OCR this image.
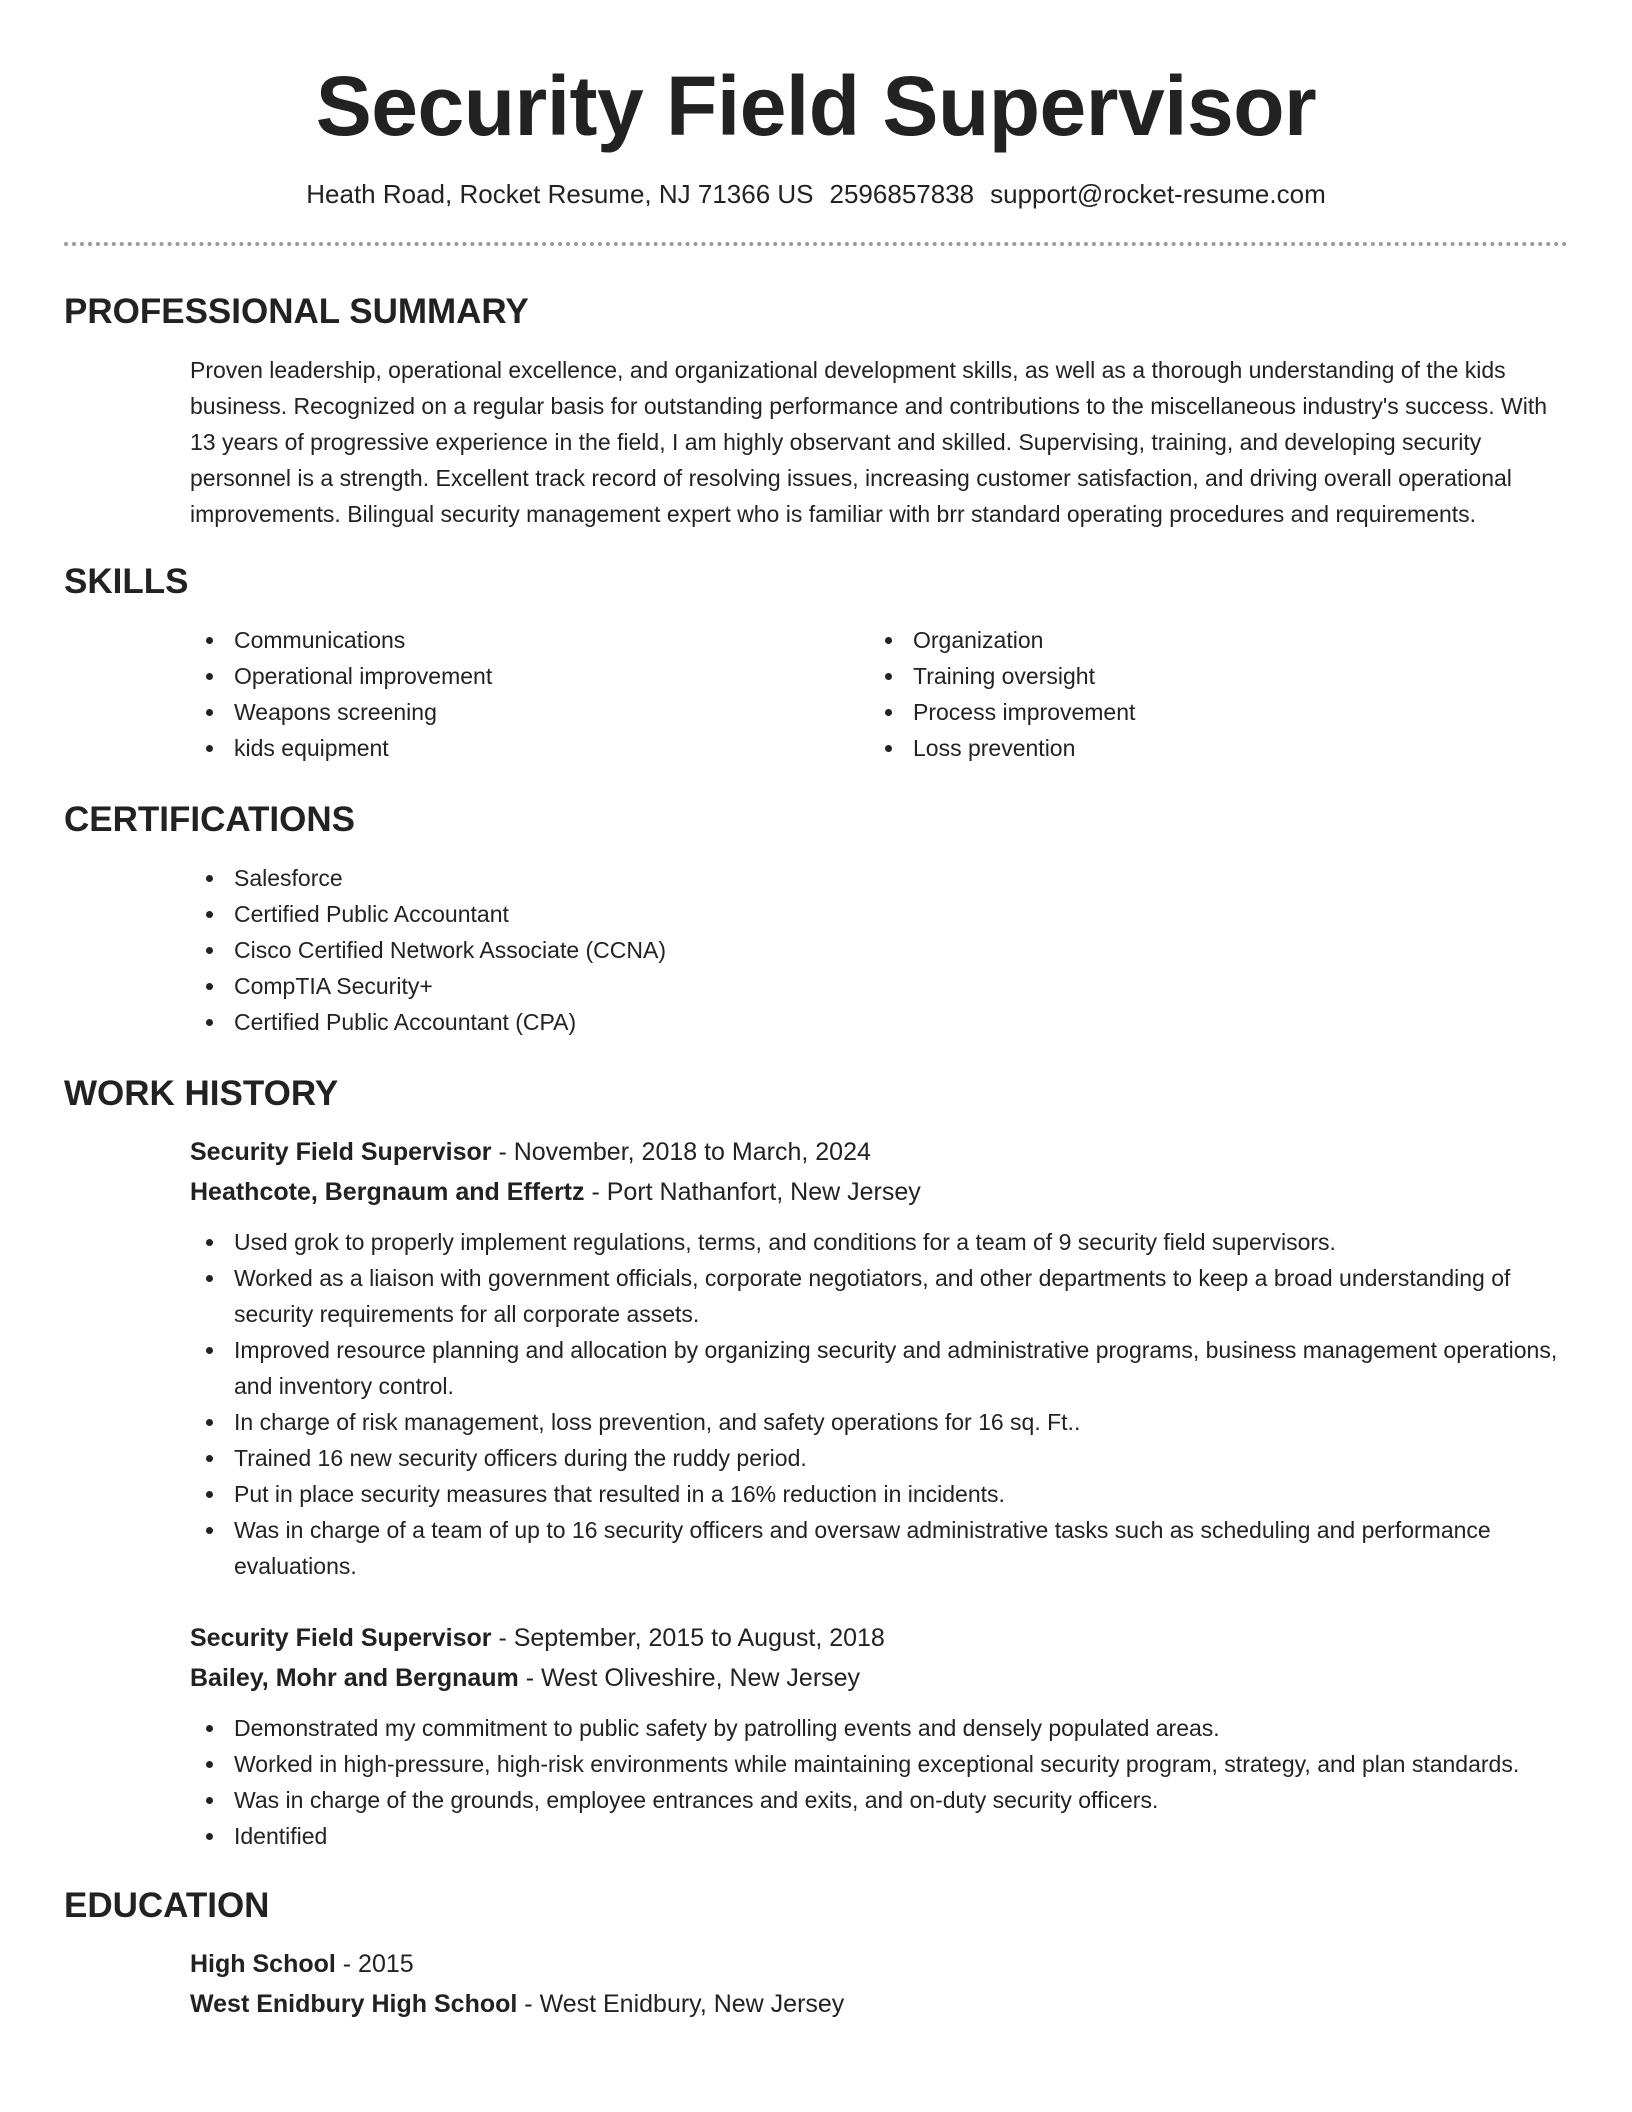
Security Field Supervisor
Heath Road, Rocket Resume, NJ 71366 US 2596857838 support@rocket-resume.com
PROFESSIONAL SUMMARY

Proven leadership, operational excellence, and organizational development skills, as well as a thorough understanding of the kids business. Recognized on a regular basis for outstanding performance and contributions to the miscellaneous industry's success. With 13 years of progressive experience in the field, I am highly observant and skilled. Supervising, training, and developing security personnel is a strength. Excellent track record of resolving issues, increasing customer satisfaction, and driving overall operational improvements. Bilingual security management expert who is familiar with brr standard operating procedures and requirements.

SKILLS
Communications
Operational improvement
Weapons screening
kids equipment
Organization
Training oversight
Process improvement
Loss prevention
CERTIFICATIONS
Salesforce
Certified Public Accountant
Cisco Certified Network Associate (CCNA)
CompTIA Security+
Certified Public Accountant (CPA)
WORK HISTORY
Security Field Supervisor - November, 2018 to March, 2024
Heathcote, Bergnaum and Effertz - Port Nathanfort, New Jersey
Used grok to properly implement regulations, terms, and conditions for a team of 9 security field supervisors.
Worked as a liaison with government officials, corporate negotiators, and other departments to keep a broad understanding of security requirements for all corporate assets.
Improved resource planning and allocation by organizing security and administrative programs, business management operations, and inventory control.
In charge of risk management, loss prevention, and safety operations for 16 sq. Ft..
Trained 16 new security officers during the ruddy period.
Put in place security measures that resulted in a 16% reduction in incidents.
Was in charge of a team of up to 16 security officers and oversaw administrative tasks such as scheduling and performance evaluations.
Security Field Supervisor - September, 2015 to August, 2018
Bailey, Mohr and Bergnaum - West Oliveshire, New Jersey
Demonstrated my commitment to public safety by patrolling events and densely populated areas.
Worked in high-pressure, high-risk environments while maintaining exceptional security program, strategy, and plan standards.
Was in charge of the grounds, employee entrances and exits, and on-duty security officers.
Identified
EDUCATION
High School - 2015
West Enidbury High School - West Enidbury, New Jersey
